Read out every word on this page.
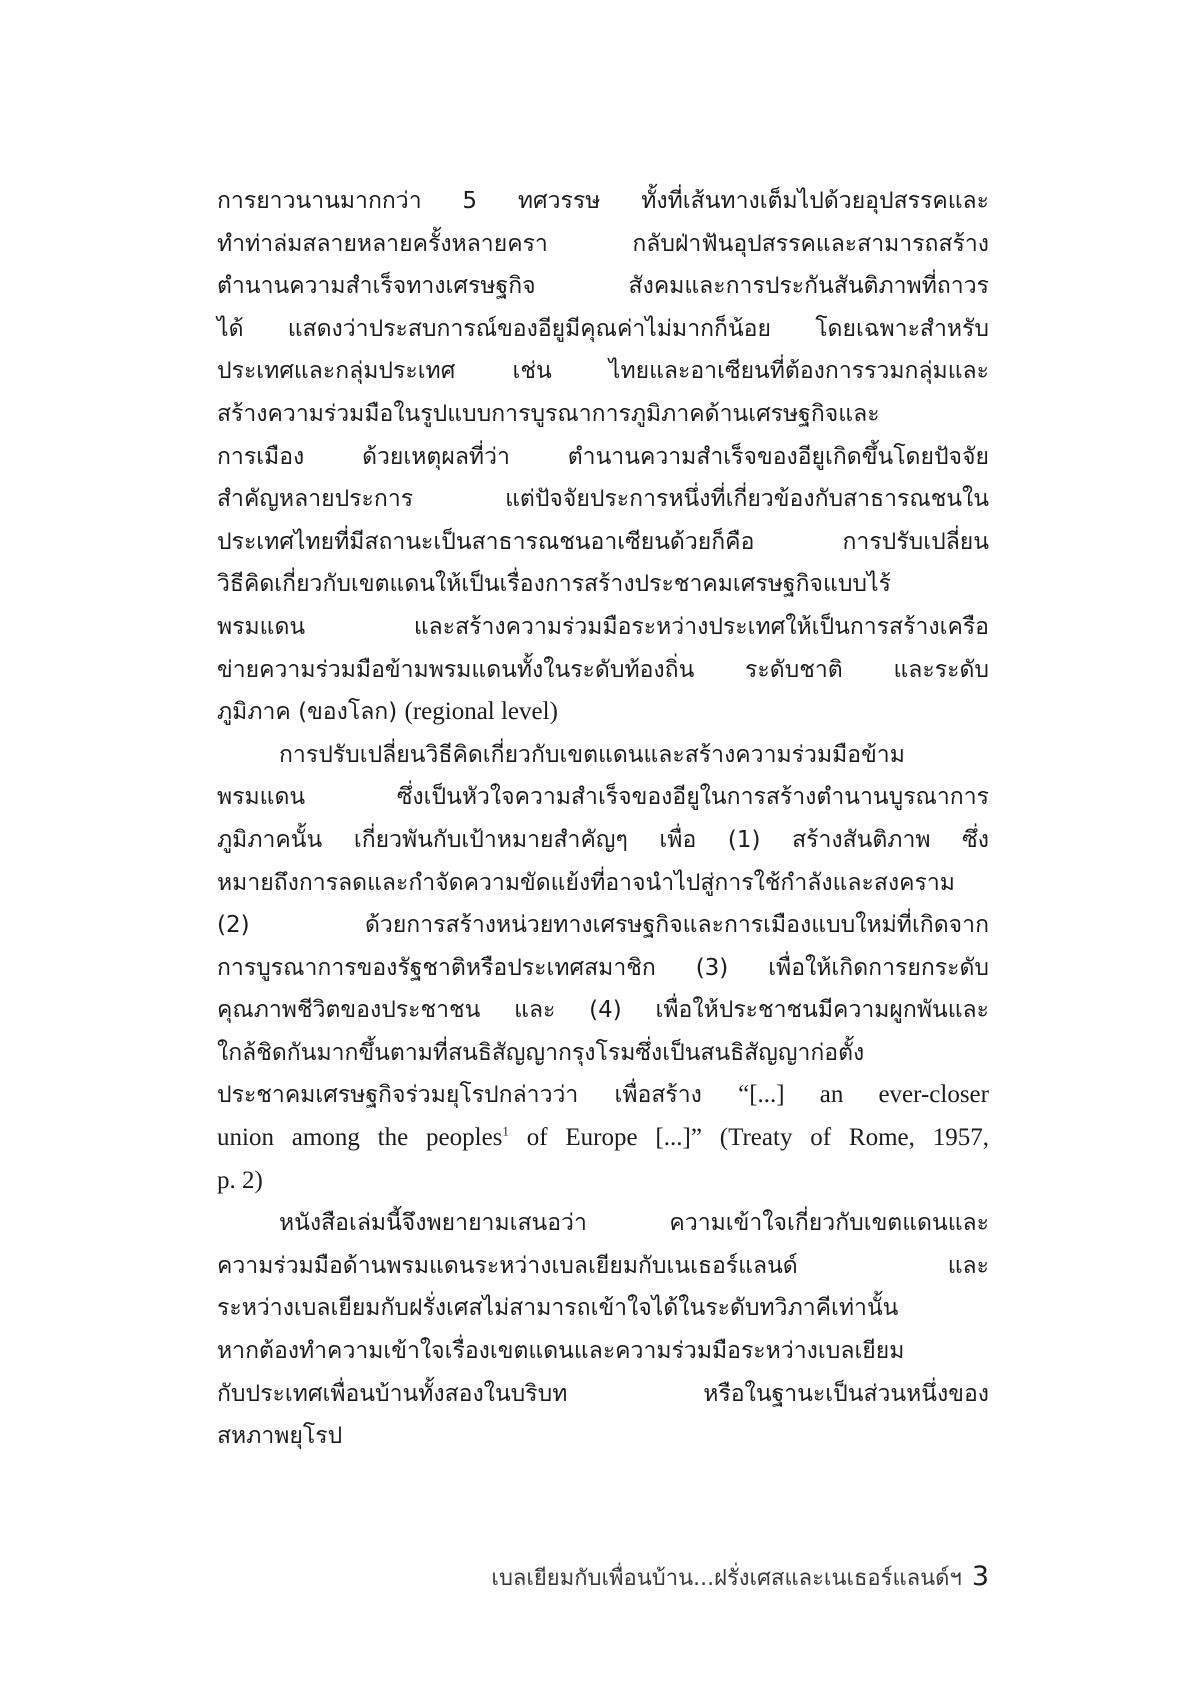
การยาวนานมากกว่า 5 ทศวรรษ ทั้งที่เส้นทางเต็มไปด้วยอุปสรรคและ
ทำท่าล่มสลายหลายครั้งหลายครา กลับฝ่าฟันอุปสรรคและสามารถสร้าง
ตำนานความสำเร็จทางเศรษฐกิจ สังคมและการประกันสันติภาพที่ถาวร
ได้ แสดงว่าประสบการณ์ของอียูมีคุณค่าไม่มากก็น้อย โดยเฉพาะสำหรับ
ประเทศและกลุ่มประเทศ เช่น ไทยและอาเซียนที่ต้องการรวมกลุ่มและ
สร้างความร่วมมือในรูปแบบการบูรณาการภูมิภาคด้านเศรษฐกิจและ
การเมือง ด้วยเหตุผลที่ว่า ตำนานความสำเร็จของอียูเกิดขึ้นโดยปัจจัย
สำคัญหลายประการ แต่ปัจจัยประการหนึ่งที่เกี่ยวข้องกับสาธารณชนใน
ประเทศไทยที่มีสถานะเป็นสาธารณชนอาเซียนด้วยก็คือ การปรับเปลี่ยน
วิธีคิดเกี่ยวกับเขตแดนให้เป็นเรื่องการสร้างประชาคมเศรษฐกิจแบบไร้
พรมแดน และสร้างความร่วมมือระหว่างประเทศให้เป็นการสร้างเครือ
ข่ายความร่วมมือข้ามพรมแดนทั้งในระดับท้องถิ่น ระดับชาติ และระดับ
ภูมิภาค (ของโลก) (regional level)
การปรับเปลี่ยนวิธีคิดเกี่ยวกับเขตแดนและสร้างความร่วมมือข้าม
พรมแดน ซึ่งเป็นหัวใจความสำเร็จของอียูในการสร้างตำนานบูรณาการ
ภูมิภาคนั้น เกี่ยวพันกับเป้าหมายสำคัญๆ เพื่อ (1) สร้างสันติภาพ ซึ่ง
หมายถึงการลดและกำจัดความขัดแย้งที่อาจนำไปสู่การใช้กำลังและสงคราม
(2) ด้วยการสร้างหน่วยทางเศรษฐกิจและการเมืองแบบใหม่ที่เกิดจาก
การบูรณาการของรัฐชาติหรือประเทศสมาชิก (3) เพื่อให้เกิดการยกระดับ
คุณภาพชีวิตของประชาชน และ (4) เพื่อให้ประชาชนมีความผูกพันและ
ใกล้ชิดกันมากขึ้นตามที่สนธิสัญญากรุงโรมซึ่งเป็นสนธิสัญญาก่อตั้ง
ประชาคมเศรษฐกิจร่วมยุโรปกล่าวว่า เพื่อสร้าง “[...] an ever-closer
union among the peoples$^1$ of Europe [...]” (Treaty of Rome, 1957,
p. 2)
หนังสือเล่มนี้จึงพยายามเสนอว่า ความเข้าใจเกี่ยวกับเขตแดนและ
ความร่วมมือด้านพรมแดนระหว่างเบลเยียมกับเนเธอร์แลนด์ และ
ระหว่างเบลเยียมกับฝรั่งเศสไม่สามารถเข้าใจได้ในระดับทวิภาคีเท่านั้น
หากต้องทำความเข้าใจเรื่องเขตแดนและความร่วมมือระหว่างเบลเยียม
กับประเทศเพื่อนบ้านทั้งสองในบริบท หรือในฐานะเป็นส่วนหนึ่งของ
สหภาพยุโรป
เบลเยียมกับเพื่อนบ้าน...ฝรั่งเศสและเนเธอร์แลนด์ฯ 3
